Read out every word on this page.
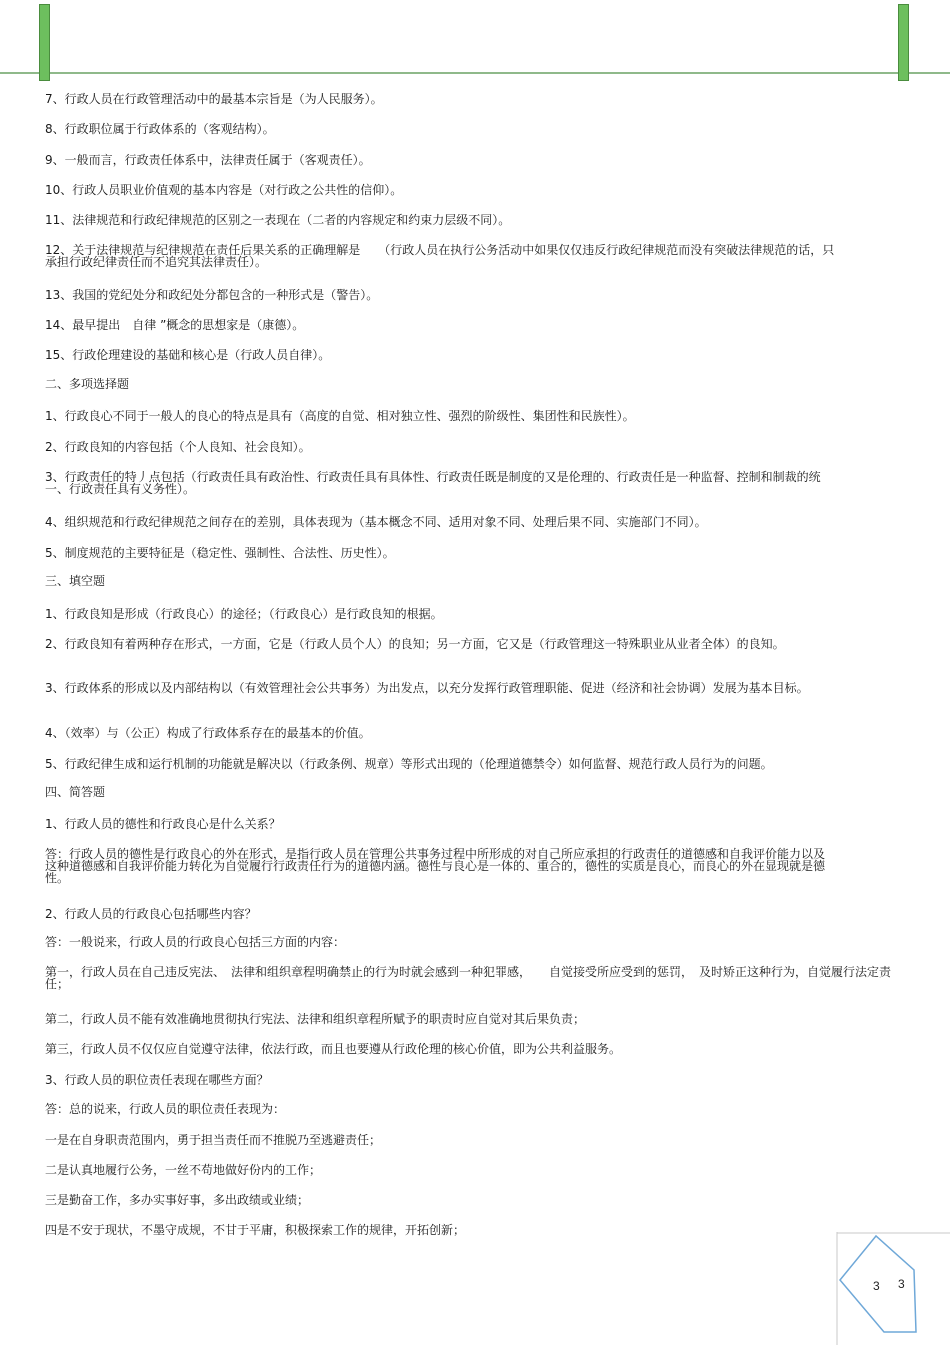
7、行政人员在行政管理活动中的最基本宗旨是（为人民服务）。
8、行政职位属于行政体系的（客观结构）。
9、一般而言，行政责任体系中，法律责任属于（客观责任）。
10、行政人员职业价值观的基本内容是（对行政之公共性的信仰）。
11、法律规范和行政纪律规范的区别之一表现在（二者的内容规定和约束力层级不同）。
12、关于法律规范与纪律规范在责任后果关系的正确理解是　　（行政人员在执行公务活动中如果仅仅违反行政纪律规范而没有突破法律规范的话，只承担行政纪律责任而不追究其法律责任）。
13、我国的党纪处分和政纪处分都包含的一种形式是（警告）。
14、最早提出　自律 ”概念的思想家是（康德）。
15、行政伦理建设的基础和核心是（行政人员自律）。
二、多项选择题
1、行政良心不同于一般人的良心的特点是具有（高度的自觉、相对独立性、强烈的阶级性、集团性和民族性）。
2、行政良知的内容包括（个人良知、社会良知）。
3、行政责任的特丿点包括（行政责任具有政治性、行政责任具有具体性、行政责任既是制度的又是伦理的、行政责任是一种监督、控制和制裁的统一、行政责任具有义务性）。
4、组织规范和行政纪律规范之间存在的差别，具体表现为（基本概念不同、适用对象不同、处理后果不同、实施部门不同）。
5、制度规范的主要特征是（稳定性、强制性、合法性、历史性）。
三、填空题
1、行政良知是形成（行政良心）的途径；（行政良心）是行政良知的根据。
2、行政良知有着两种存在形式，一方面，它是（行政人员个人）的良知；另一方面，它又是（行政管理这一特殊职业从业者全体）的良知。
3、行政体系的形成以及内部结构以（有效管理社会公共事务）为出发点，以充分发挥行政管理职能、促进（经济和社会协调）发展为基本目标。
4、（效率）与（公正）构成了行政体系存在的最基本的价值。
5、行政纪律生成和运行机制的功能就是解决以（行政条例、规章）等形式出现的（伦理道德禁令）如何监督、规范行政人员行为的问题。
四、简答题
1、行政人员的德性和行政良心是什么关系？
答：行政人员的德性是行政良心的外在形式，是指行政人员在管理公共事务过程中所形成的对自己所应承担的行政责任的道德感和自我评价能力以及这种道德感和自我评价能力转化为自觉履行行政责任行为的道德内涵。德性与良心是一体的、重合的，德性的实质是良心，而良心的外在显现就是德性。
2、行政人员的行政良心包括哪些内容？
答：一般说来，行政人员的行政良心包括三方面的内容：
第一，行政人员在自己违反宪法、　法律和组织章程明确禁止的行为时就会感到一种犯罪感，　　自觉接受所应受到的惩罚，　及时矫正这种行为，自觉履行法定责任；
第二，行政人员不能有效准确地贯彻执行宪法、法律和组织章程所赋予的职责时应自觉对其后果负责；
第三，行政人员不仅仅应自觉遵守法律，依法行政，而且也要遵从行政伦理的核心价值，即为公共利益服务。
3、行政人员的职位责任表现在哪些方面？
答：总的说来，行政人员的职位责任表现为：
一是在自身职责范围内，勇于担当责任而不推脱乃至逃避责任；
二是认真地履行公务，一丝不苟地做好份内的工作；
三是勤奋工作，多办实事好事，多出政绩或业绩；
四是不安于现状，不墨守成规，不甘于平庸，积极探索工作的规律，开拓创新；
3 3
